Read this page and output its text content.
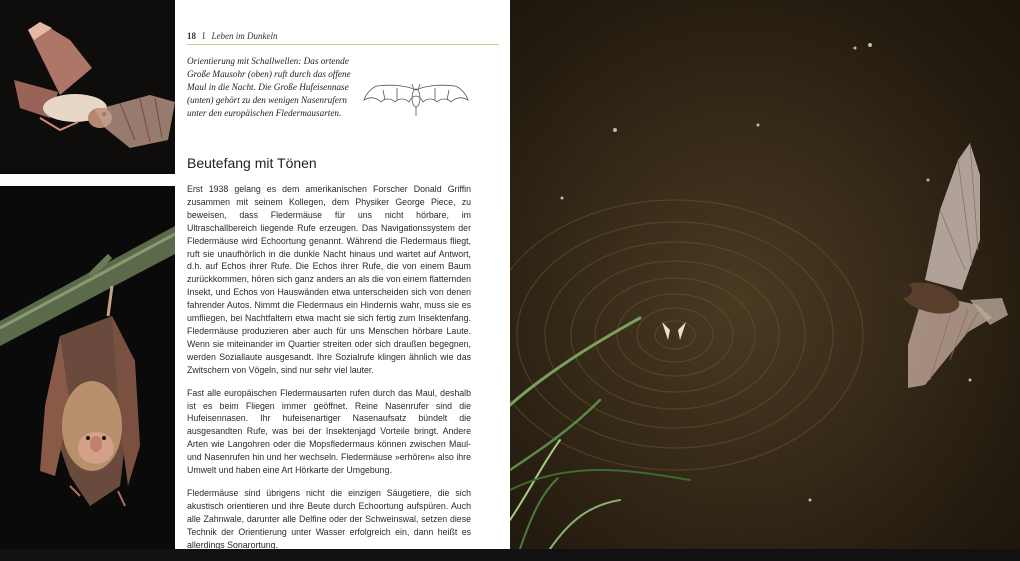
18 I Leben im Dunkeln
Orientierung mit Schallwellen: Das ortende Große Mausohr (oben) ruft durch das offene Maul in die Nacht. Die Große Hufeisennase (unten) gehört zu den wenigen Nasenrufern unter den europäischen Fledermausarten.
Beutefang mit Tönen

Erst 1938 gelang es dem amerikanischen Forscher Donald Griffin zusammen mit seinem Kollegen, dem Physiker George Piece, zu beweisen, dass Fledermäuse für uns nicht hörbare, im Ultraschallbereich liegende Rufe erzeugen. Das Navigationssystem der Fledermäuse wird Echoortung genannt. Während die Fledermaus fliegt, ruft sie unaufhörlich in die dunkle Nacht hinaus und wartet auf Antwort, d.h. auf Echos ihrer Rufe. Die Echos ihrer Rufe, die von einem Baum zurückkommen, hören sich ganz anders an als die von einem flatternden Insekt, und Echos von Hauswänden etwa unterscheiden sich von denen fahrender Autos. Nimmt die Fledermaus ein Hindernis wahr, muss sie es umfliegen, bei Nachtfaltern etwa macht sie sich fertig zum Insektenfang. Fledermäuse produzieren aber auch für uns Menschen hörbare Laute. Wenn sie miteinander im Quartier streiten oder sich draußen begegnen, werden Soziallaute ausgesandt. Ihre Sozialrufe klingen ähnlich wie das Zwitschern von Vögeln, sind nur sehr viel lauter.

Fast alle europäischen Fledermausarten rufen durch das Maul, deshalb ist es beim Fliegen immer geöffnet. Reine Nasenrufer sind die Hufeisennasen. Ihr hufeisenartiger Nasenaufsatz bündelt die ausgesandten Rufe, was bei der Insektenjagd Vorteile bringt. Andere Arten wie Langohren oder die Mopsfledermaus können zwischen Maul- und Nasenrufen hin und her wechseln. Fledermäuse »erhören« also ihre Umwelt und haben eine Art Hörkarte der Umgebung.

Fledermäuse sind übrigens nicht die einzigen Säugetiere, die sich akustisch orientieren und ihre Beute durch Echoortung aufspüren. Auch alle Zahnwale, darunter alle Delfine oder der Schweinswal, setzen diese Technik der Orientierung unter Wasser erfolgreich ein, dann heißt es allerdings Sonarortung.
